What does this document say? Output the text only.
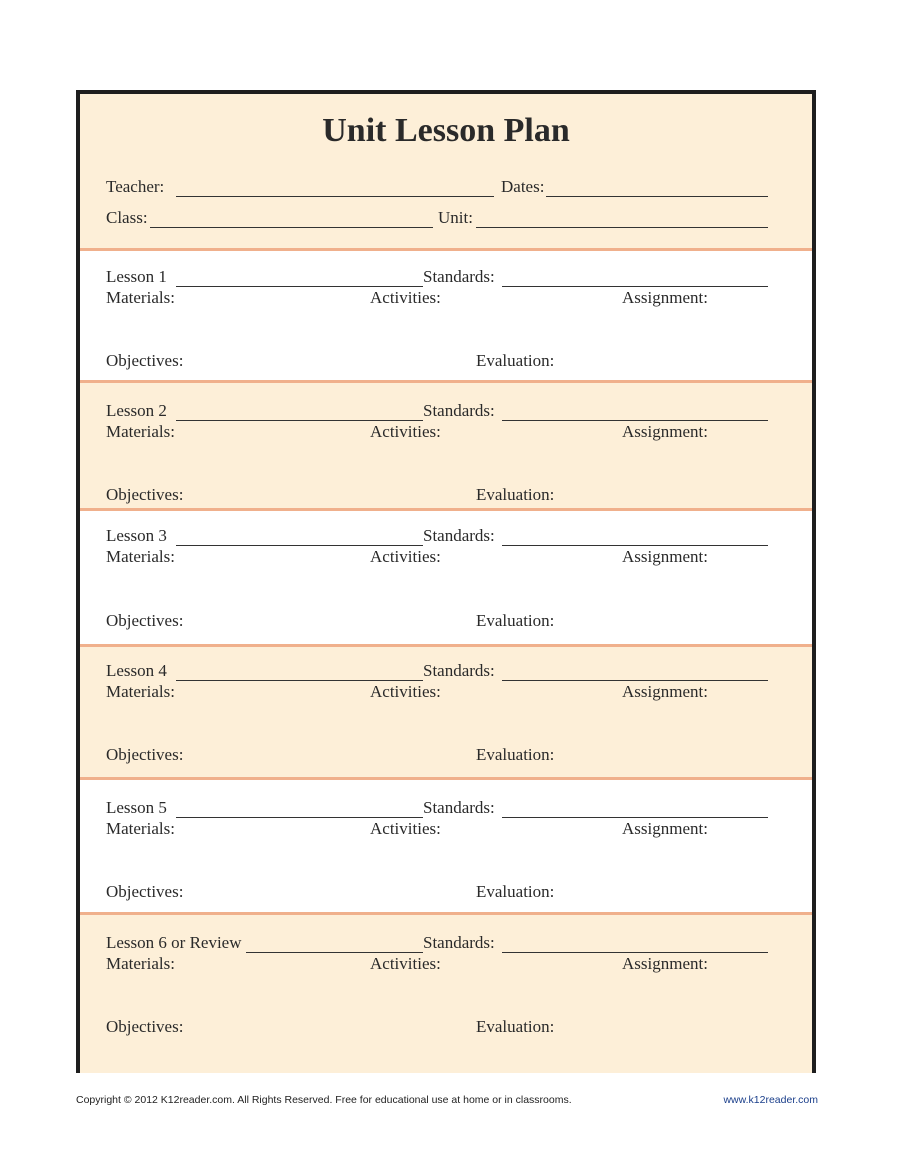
Unit Lesson Plan
Teacher:	Dates:
Class:	Unit:
Lesson 1	Standards:
Materials:	Activities:	Assignment:
Objectives:	Evaluation:
Lesson 2	Standards:
Materials:	Activities:	Assignment:
Objectives:	Evaluation:
Lesson 3	Standards:
Materials:	Activities:	Assignment:
Objectives:	Evaluation:
Lesson 4	Standards:
Materials:	Activities:	Assignment:
Objectives:	Evaluation:
Lesson 5	Standards:
Materials:	Activities:	Assignment:
Objectives:	Evaluation:
Lesson 6 or Review	Standards:
Materials:	Activities:	Assignment:
Objectives:	Evaluation:
Copyright © 2012 K12reader.com. All Rights Reserved. Free for educational use at home or in classrooms.	www.k12reader.com
